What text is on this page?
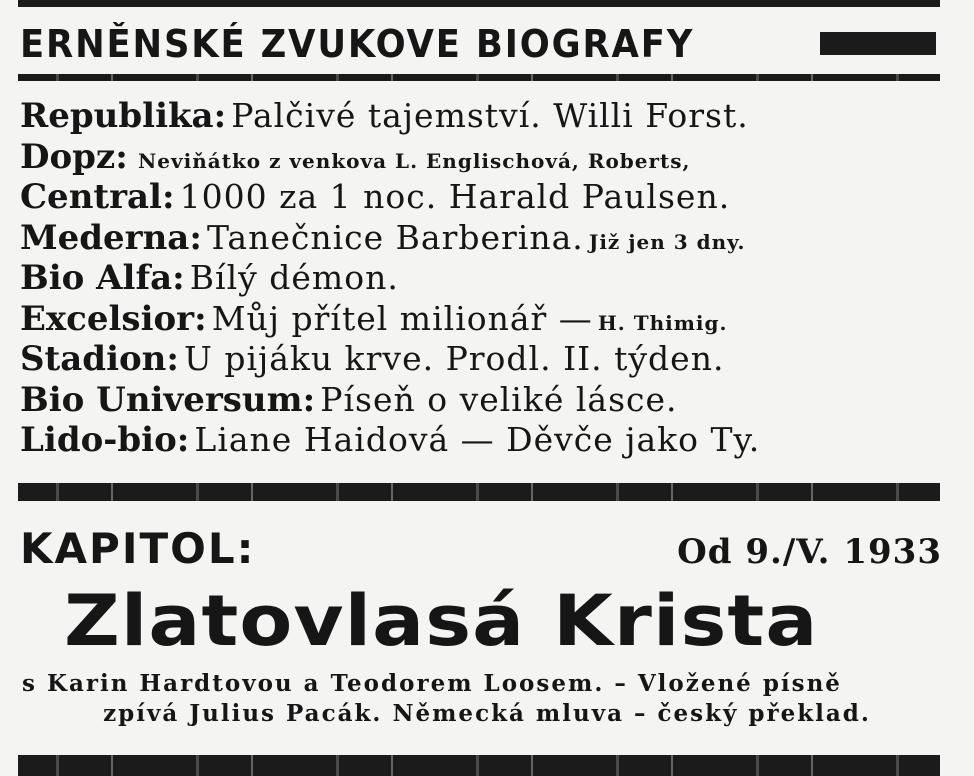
ERNĚNSKÉ ZVUKOVE BIOGRAFY
Republika: Palčivé tajemství. Willi Forst.
Dopz: Neviňátko z venkova L. Englischová, Roberts,
Central: 1000 za 1 noc. Harald Paulsen.
Mederna: Tanečnice Barberina. Již jen 3 dny.
Bio Alfa: Bílý démon.
Excelsior: Můj přítel milionář — H. Thimig.
Stadion: U pijáku krve. Prodl. II. týden.
Bio Universum: Píseň o veliké lásce.
Lido-bio: Liane Haidová — Děvče jako Ty.
KAPITOL:	Od 9./V. 1933
Zlatovlasá Krista
s Karin Hardtovou a Teodorem Loosem. – Vložené písně
zpívá Julius Pacák. Německá mluva – český překlad.
